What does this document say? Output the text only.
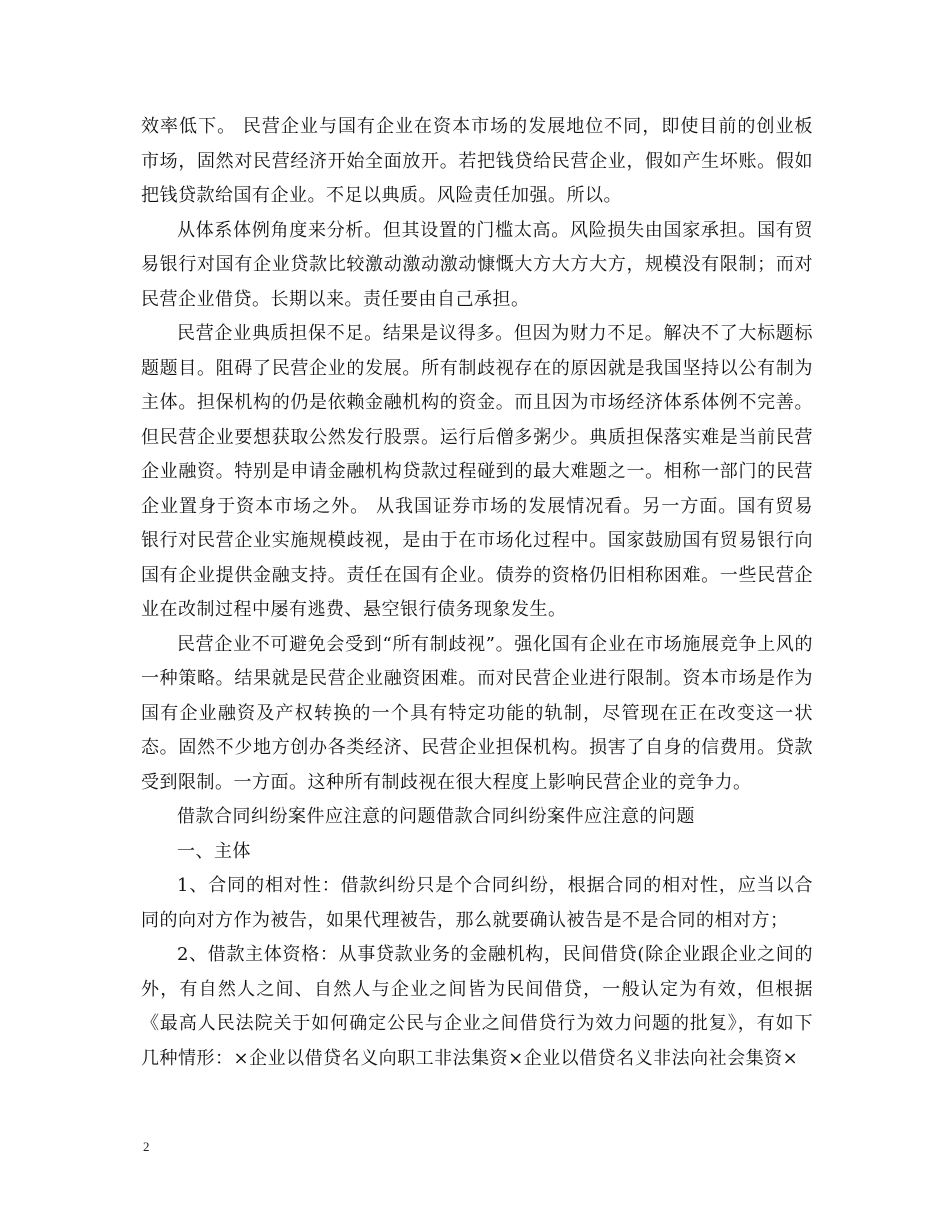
效率低下。 民营企业与国有企业在资本市场的发展地位不同，即使目前的创业板市场，固然对民营经济开始全面放开。若把钱贷给民营企业，假如产生坏账。假如把钱贷款给国有企业。不足以典质。风险责任加强。所以。

从体系体例角度来分析。但其设置的门槛太高。风险损失由国家承担。国有贸易银行对国有企业贷款比较激动激动激动慷慨大方大方大方，规模没有限制；而对民营企业借贷。长期以来。责任要由自己承担。

民营企业典质担保不足。结果是议得多。但因为财力不足。解决不了大标题标题题目。阻碍了民营企业的发展。所有制歧视存在的原因就是我国坚持以公有制为主体。担保机构的仍是依赖金融机构的资金。而且因为市场经济体系体例不完善。但民营企业要想获取公然发行股票。运行后僧多粥少。典质担保落实难是当前民营企业融资。特别是申请金融机构贷款过程碰到的最大难题之一。相称一部门的民营企业置身于资本市场之外。 从我国证券市场的发展情况看。另一方面。国有贸易银行对民营企业实施规模歧视，是由于在市场化过程中。国家鼓励国有贸易银行向国有企业提供金融支持。责任在国有企业。债券的资格仍旧相称困难。一些民营企业在改制过程中屡有逃费、悬空银行债务现象发生。

民营企业不可避免会受到“所有制歧视”。强化国有企业在市场施展竞争上风的一种策略。结果就是民营企业融资困难。而对民营企业进行限制。资本市场是作为国有企业融资及产权转换的一个具有特定功能的轨制，尽管现在正在改变这一状态。固然不少地方创办各类经济、民营企业担保机构。损害了自身的信费用。贷款受到限制。一方面。这种所有制歧视在很大程度上影响民营企业的竞争力。

借款合同纠纷案件应注意的问题借款合同纠纷案件应注意的问题

一、主体

1、合同的相对性：借款纠纷只是个合同纠纷，根据合同的相对性，应当以合同的向对方作为被告，如果代理被告，那么就要确认被告是不是合同的相对方；

2、借款主体资格：从事贷款业务的金融机构，民间借贷(除企业跟企业之间的外，有自然人之间、自然人与企业之间皆为民间借贷，一般认定为有效，但根据《最高人民法院关于如何确定公民与企业之间借贷行为效力问题的批复》，有如下几种情形：×企业以借贷名义向职工非法集资×企业以借贷名义非法向社会集资×

2
